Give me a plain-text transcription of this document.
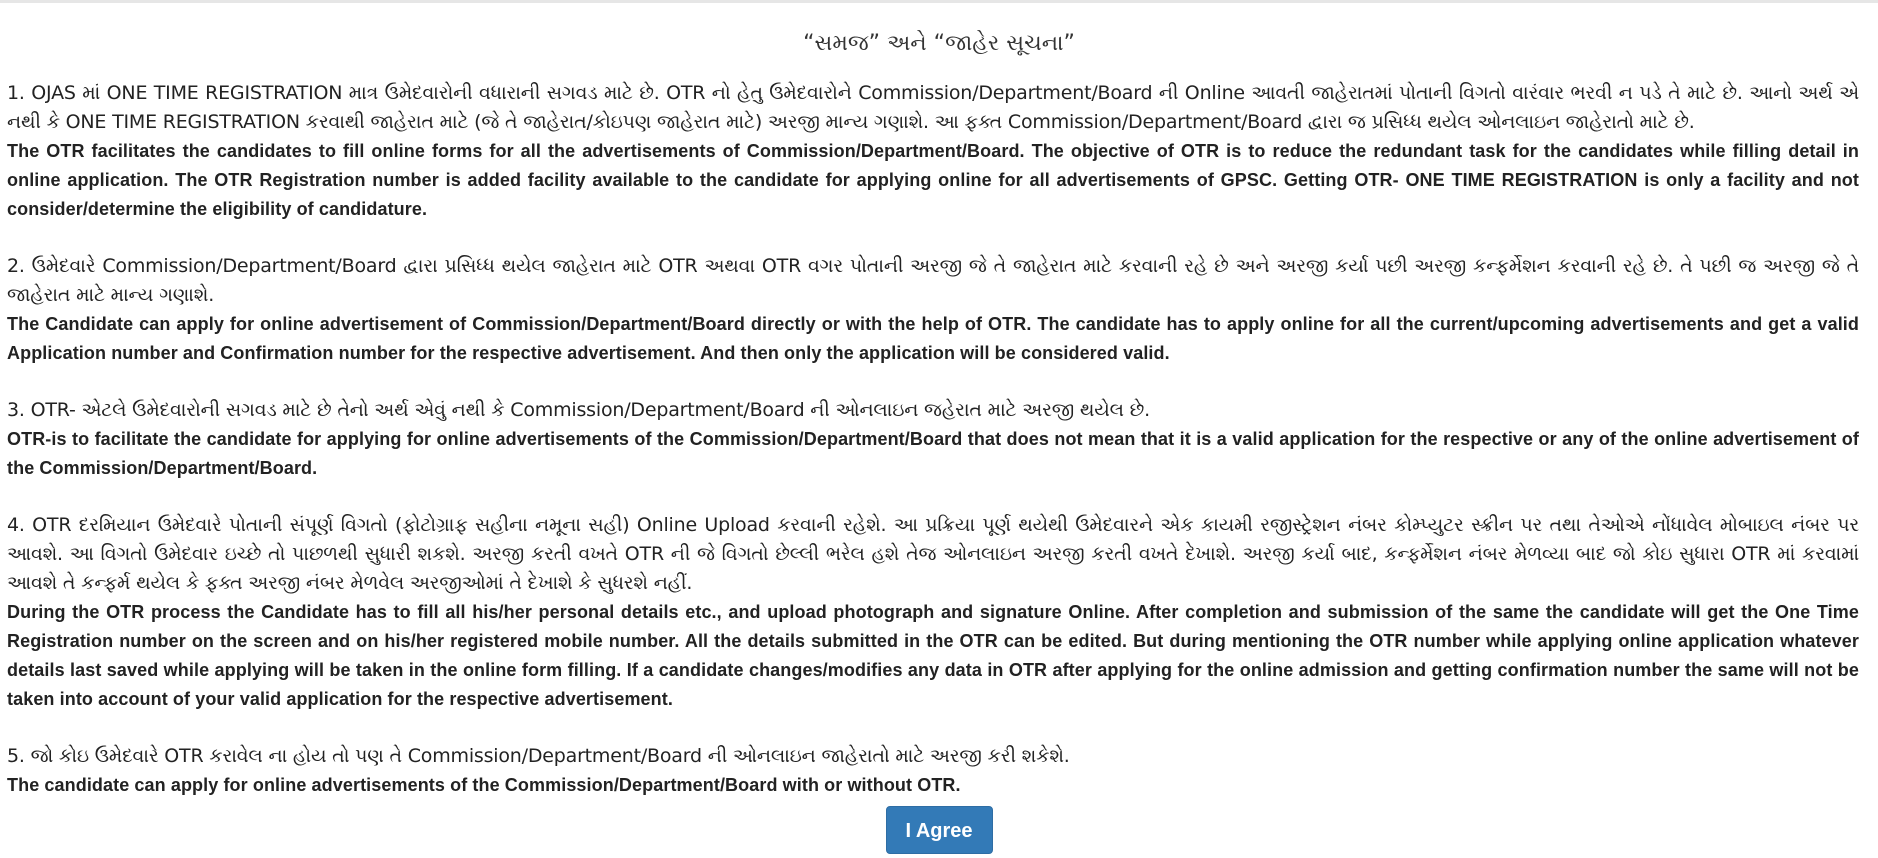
“સમજ” અને “જાહેર સૂચના”

1. OJAS માં ONE TIME REGISTRATION માત્ર ઉમેદવારોની વધારાની સગવડ માટે છે. OTR નો હેતુ ઉમેદવારોને Commission/Department/Board ની Online આવતી જાહેરાતમાં પોતાની વિગતો વારંવાર ભરવી ન પડે તે માટે છે. આનો અર્થ એ નથી કે ONE TIME REGISTRATION કરવાથી જાહેરાત માટે (જે તે જાહેરાત/કોઇપણ જાહેરાત માટે) અરજી માન્ય ગણાશે. આ ફક્ત Commission/Department/Board દ્વારા જ પ્રસિધ્ધ થયેલ ઓનલાઇન જાહેરાતો માટે છે.

The OTR facilitates the candidates to fill online forms for all the advertisements of Commission/Department/Board. The objective of OTR is to reduce the redundant task for the candidates while filling detail in online application. The OTR Registration number is added facility available to the candidate for applying online for all advertisements of GPSC. Getting OTR- ONE TIME REGISTRATION is only a facility and not consider/determine the eligibility of candidature.

2. ઉમેદવારે Commission/Department/Board દ્વારા પ્રસિધ્ધ થયેલ જાહેરાત માટે OTR અથવા OTR વગર પોતાની અરજી જે તે જાહેરાત માટે કરવાની રહે છે અને અરજી કર્યા પછી અરજી કન્ફર્મેશન કરવાની રહે છે. તે પછી જ અરજી જે તે જાહેરાત માટે માન્ય ગણાશે.

The Candidate can apply for online advertisement of Commission/Department/Board directly or with the help of OTR. The candidate has to apply online for all the current/upcoming advertisements and get a valid Application number and Confirmation number for the respective advertisement. And then only the application will be considered valid.

3. OTR- એટલે ઉમેદવારોની સગવડ માટે છે તેનો અર્થ એવું નથી કે Commission/Department/Board ની ઓનલાઇન જહેરાત માટે અરજી થયેલ છે.

OTR-is to facilitate the candidate for applying for online advertisements of the Commission/Department/Board that does not mean that it is a valid application for the respective or any of the online advertisement of the Commission/Department/Board.

4. OTR દરમિયાન ઉમેદવારે પોતાની સંપૂર્ણ વિગતો (ફોટોગ્રાફ સહીના નમૂના સહી) Online Upload કરવાની રહેશે. આ પ્રક્રિયા પૂર્ણ થયેથી ઉમેદવારને એક કાયમી રજીસ્ટ્રેશન નંબર કોમ્પ્યુટર સ્ક્રીન પર તથા તેઓએ નોંધાવેલ મોબાઇલ નંબર પર આવશે. આ વિગતો ઉમેદવાર ઇચ્છે તો પાછળથી સુધારી શકશે. અરજી કરતી વખતે OTR ની જે વિગતો છેલ્લી ભરેલ હશે તેજ ઓનલાઇન અરજી કરતી વખતે દેખાશે. અરજી કર્યા બાદ, કન્ફર્મેશન નંબર મેળવ્યા બાદ જો કોઇ સુધારા OTR માં કરવામાં આવશે તે કન્ફર્મ થયેલ કે ફક્ત અરજી નંબર મેળવેલ અરજીઓમાં તે દેખાશે કે સુધરશે નહીં.

During the OTR process the Candidate has to fill all his/her personal details etc., and upload photograph and signature Online. After completion and submission of the same the candidate will get the One Time Registration number on the screen and on his/her registered mobile number. All the details submitted in the OTR can be edited. But during mentioning the OTR number while applying online application whatever details last saved while applying will be taken in the online form filling. If a candidate changes/modifies any data in OTR after applying for the online admission and getting confirmation number the same will not be taken into account of your valid application for the respective advertisement.

5. જો કોઇ ઉમેદવારે OTR કરાવેલ ના હોય તો પણ તે Commission/Department/Board ની ઓનલાઇન જાહેરાતો માટે અરજી કરી શકેશે.

The candidate can apply for online advertisements of the Commission/Department/Board with or without OTR.

I Agree
